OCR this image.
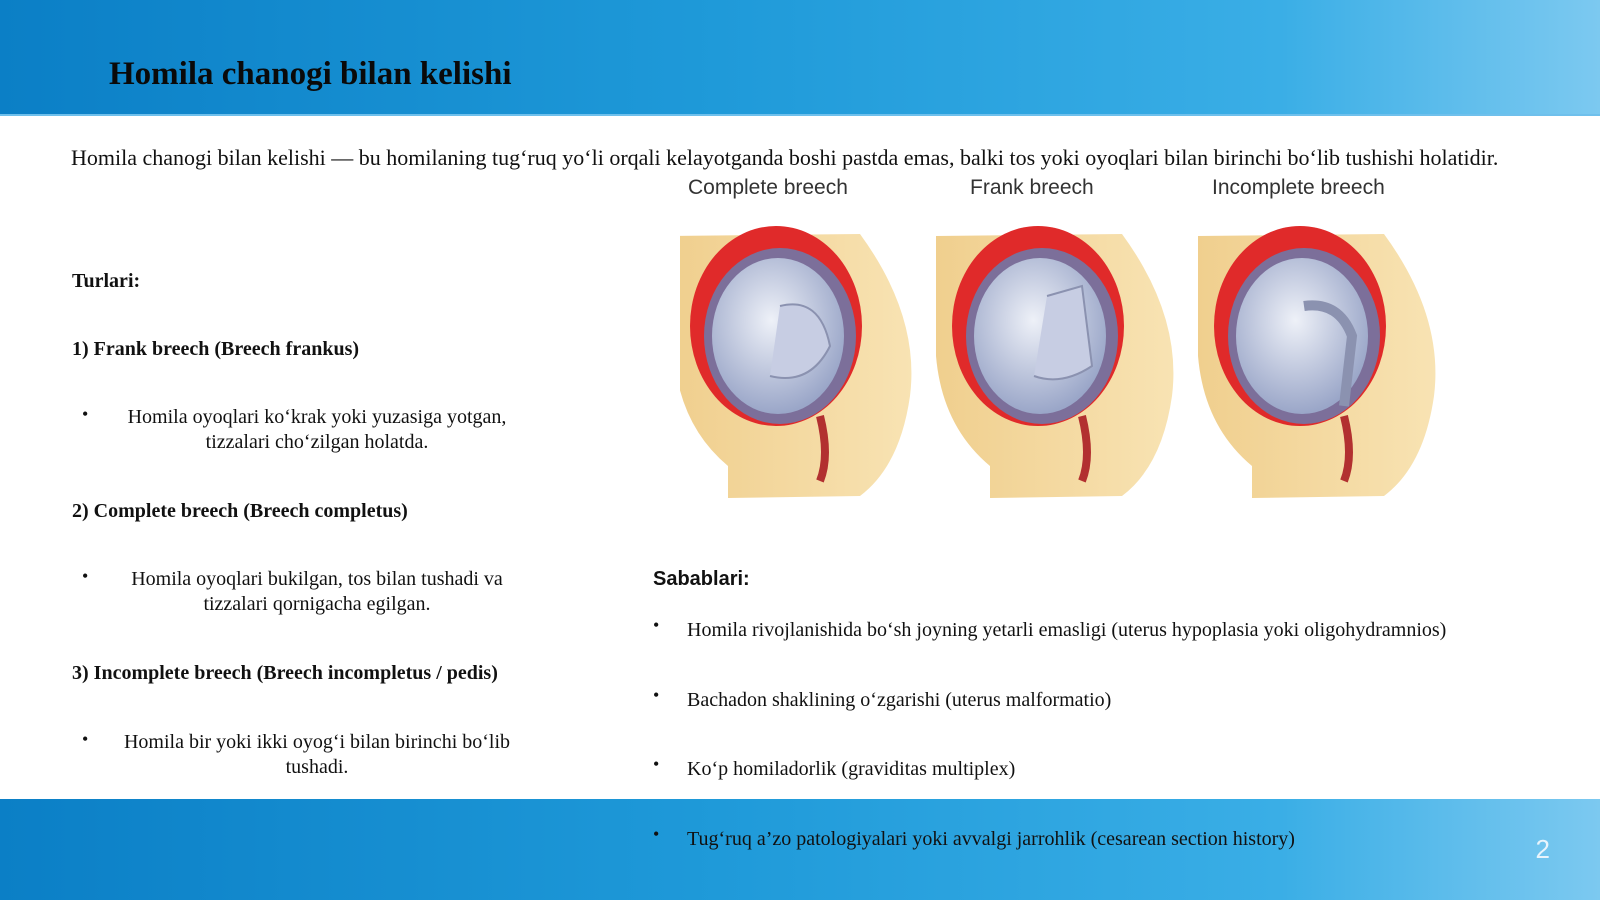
Homila chanogi bilan kelishi

Homila chanogi bilan kelishi — bu homilaning tug‘ruq yo‘li orqali kelayotganda boshi pastda emas, balki tos yoki oyoqlari bilan birinchi bo‘lib tushishi holatidir.

Turlari:

1) Frank breech (Breech frankus)

•	Homila oyoqlari ko‘krak yoki yuzasiga yotgan, tizzalari cho‘zilgan holatda.

2) Complete breech (Breech completus)

•	Homila oyoqlari bukilgan, tos bilan tushadi va tizzalari qornigacha egilgan.

3) Incomplete breech (Breech incompletus / pedis)

•	Homila bir yoki ikki oyog‘i bilan birinchi bo‘lib tushadi.
Complete breech	Frank breech	Incomplete breech

Sabablari:

• Homila rivojlanishida bo‘sh joyning yetarli emasligi (uterus hypoplasia yoki oligohydramnios)
• Bachadon shaklining o‘zgarishi (uterus malformatio)
• Ko‘p homiladorlik (graviditas multiplex)
• Tug‘ruq a’zo patologiyalari yoki avvalgi jarrohlik (cesarean section history)	2
